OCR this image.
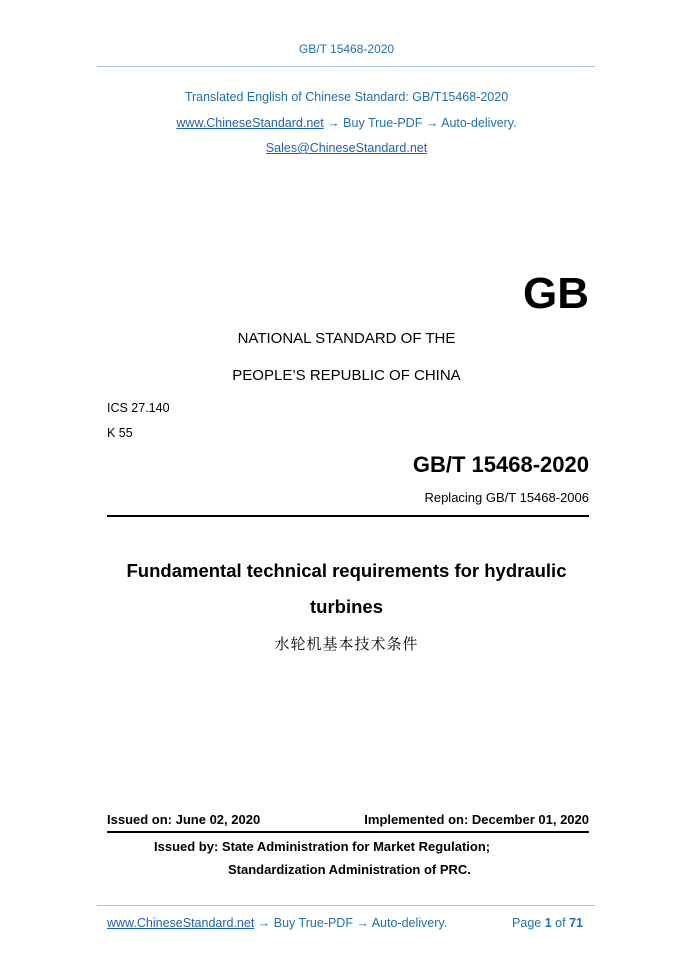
GB/T 15468-2020
Translated English of Chinese Standard: GB/T15468-2020
www.ChineseStandard.net → Buy True-PDF → Auto-delivery.
Sales@ChineseStandard.net
GB
NATIONAL STANDARD OF THE
PEOPLE’S REPUBLIC OF CHINA
ICS 27.140
K 55
GB/T 15468-2020
Replacing GB/T 15468-2006
Fundamental technical requirements for hydraulic
turbines
水轮机基本技术条件
Issued on: June 02, 2020	Implemented on: December 01, 2020
Issued by: State Administration for Market Regulation;
Standardization Administration of PRC.
www.ChineseStandard.net → Buy True-PDF → Auto-delivery.	Page 1 of 71
